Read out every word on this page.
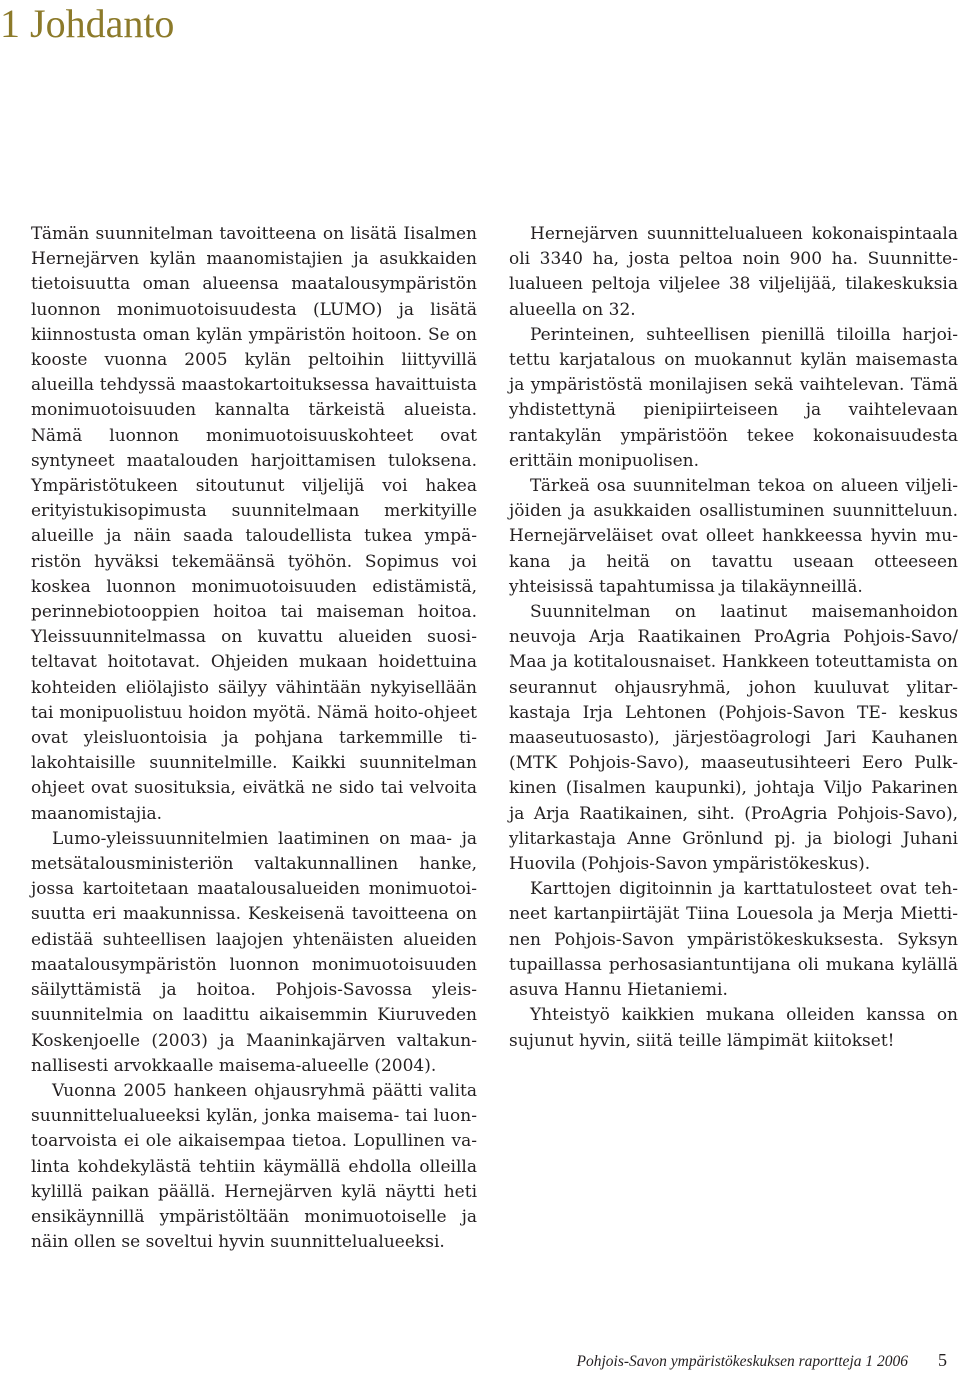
1 Johdanto

Tämän suunnitelman tavoitteena on lisätä Iisalmen Hernejärven kylän maanomistajien ja asukkaiden tietoisuutta oman alueensa maatalousympäristön luonnon monimuotoisuudesta (LUMO) ja lisätä kiinnostusta oman kylän ympäristön hoitoon. Se on kooste vuonna 2005 kylän peltoihin liittyvillä alueilla tehdyssä maastokartoituksessa havaittuista monimuotoisuuden kannalta tärkeistä alueista. Nämä luonnon monimuotoisuuskohteet ovat syntyneet maatalouden harjoittamisen tuloksena. Ympäristötukeen sitoutunut viljelijä voi hakea erityistukisopimusta suunnitelmaan merkityille alueille ja näin saada taloudellista tukea ympäristön hyväksi tekemäänsä työhön. Sopimus voi koskea luonnon monimuotoisuuden edistämistä, perinnebiotooppien hoitoa tai maiseman hoitoa. Yleissuunnitelmassa on kuvattu alueiden suositeltavat hoitotavat. Ohjeiden mukaan hoidettuina kohteiden eliölajisto säilyy vähintään nykyisellään tai monipuolistuu hoidon myötä. Nämä hoito-ohjeet ovat yleisluontoisia ja pohjana tarkemmille tilakohtaisille suunnitelmille. Kaikki suunnitelman ohjeet ovat suosituksia, eivätkä ne sido tai velvoita maanomistajia.

Lumo-yleissuunnitelmien laatiminen on maa- ja metsätalousministeriön valtakunnallinen hanke, jossa kartoitetaan maatalousalueiden monimuotoisuutta eri maakunnissa. Keskeisenä tavoitteena on edistää suhteellisen laajojen yhtenäisten alueiden maatalousympäristön luonnon monimuotoisuuden säilyttämistä ja hoitoa. Pohjois-Savossa yleissuunnitelmia on laadittu aikaisemmin Kiuruveden Koskenjoelle (2003) ja Maaninkajärven valtakunnallisesti arvokkaalle maisema-alueelle (2004).

Vuonna 2005 hankeen ohjausryhmä päätti valita suunnittelualueeksi kylän, jonka maisema- tai luontoarvoista ei ole aikaisempaa tietoa. Lopullinen valinta kohdekylästä tehtiin käymällä ehdolla olleilla kylillä paikan päällä. Hernejärven kylä näytti heti ensikäynnillä ympäristöltään monimuotoiselle ja näin ollen se soveltui hyvin suunnittelualueeksi.

Hernejärven suunnittelualueen kokonaispintaala oli 3340 ha, josta peltoa noin 900 ha. Suunnittelualueen peltoja viljelee 38 viljelijää, tilakeskuksia alueella on 32.

Perinteinen, suhteellisen pienillä tiloilla harjoitettu karjatalous on muokannut kylän maisemasta ja ympäristöstä monilajisen sekä vaihtelevan. Tämä yhdistettynä pienipiirteiseen ja vaihtelevaan rantakylän ympäristöön tekee kokonaisuudesta erittäin monipuolisen.

Tärkeä osa suunnitelman tekoa on alueen viljelijöiden ja asukkaiden osallistuminen suunnitteluun. Hernejärveläiset ovat olleet hankkeessa hyvin mukana ja heitä on tavattu useaan otteeseen yhteisissä tapahtumissa ja tilakäynneillä.

Suunnitelman on laatinut maisemanhoidon neuvoja Arja Raatikainen ProAgria Pohjois-Savo/ Maa ja kotitalousnaiset. Hankkeen toteuttamista on seurannut ohjausryhmä, johon kuuluvat ylitarkastaja Irja Lehtonen (Pohjois-Savon TE- keskus maaseutuosasto), järjestöagrologi Jari Kauhanen (MTK Pohjois-Savo), maaseutusihteeri Eero Pulkkinen (Iisalmen kaupunki), johtaja Viljo Pakarinen ja Arja Raatikainen, siht. (ProAgria Pohjois-Savo), ylitarkastaja Anne Grönlund pj. ja biologi Juhani Huovila (Pohjois-Savon ympäristökeskus).

Karttojen digitoinnin ja karttatulosteet ovat tehneet kartanpiirtäjät Tiina Louesola ja Merja Miettinen Pohjois-Savon ympäristökeskuksesta. Syksyn tupaillassa perhosasiantuntijana oli mukana kylällä asuva Hannu Hietaniemi.

Yhteistyö kaikkien mukana olleiden kanssa on sujunut hyvin, siitä teille lämpimät kiitokset!

Pohjois-Savon ympäristökeskuksen raportteja 1 2006 5
